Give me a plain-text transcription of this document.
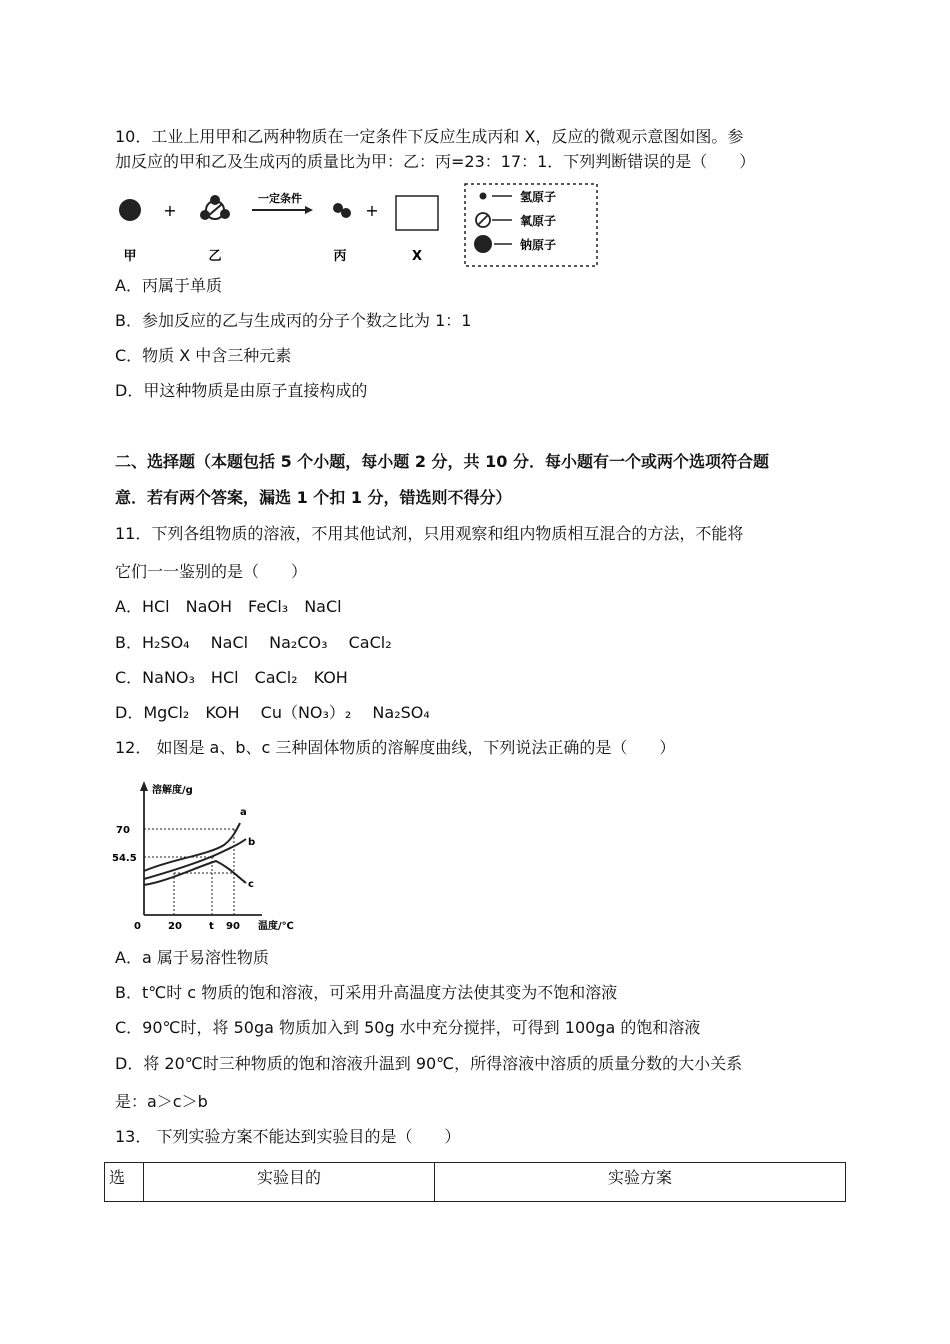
10．工业上用甲和乙两种物质在一定条件下反应生成丙和 X，反应的微观示意图如图。参
加反应的甲和乙及生成丙的质量比为甲：乙：丙=23：17：1．下列判断错误的是（　　）
+
一定条件
+
甲	乙	丙	X
氢原子
氧原子
钠原子
A．丙属于单质
B．参加反应的乙与生成丙的分子个数之比为 1：1
C．物质 X 中含三种元素
D．甲这种物质是由原子直接构成的
二、选择题（本题包括 5 个小题，每小题 2 分，共 10 分．每小题有一个或两个选项符合题
意．若有两个答案，漏选 1 个扣 1 分，错选则不得分）
11．下列各组物质的溶液，不用其他试剂，只用观察和组内物质相互混合的方法，不能将
它们一一鉴别的是（　　）
A．HCl　NaOH　FeCl₃　NaCl
B．H₂SO₄　 NaCl　 Na₂CO₃　 CaCl₂
C．NaNO₃　HCl　CaCl₂　KOH
D．MgCl₂　KOH　 Cu（NO₃）₂　 Na₂SO₄
12． 如图是 a、b、c 三种固体物质的溶解度曲线，下列说法正确的是（　　）
溶解度/g
温度/℃
70
54.5
0	20	t 90
a
b
c
A．a 属于易溶性物质
B．t℃时 c 物质的饱和溶液，可采用升高温度方法使其变为不饱和溶液
C．90℃时，将 50ga 物质加入到 50g 水中充分搅拌，可得到 100ga 的饱和溶液
D．将 20℃时三种物质的饱和溶液升温到 90℃，所得溶液中溶质的质量分数的大小关系
是：a＞c＞b
13． 下列实验方案不能达到实验目的是（　　）
选	实验目的	实验方案
